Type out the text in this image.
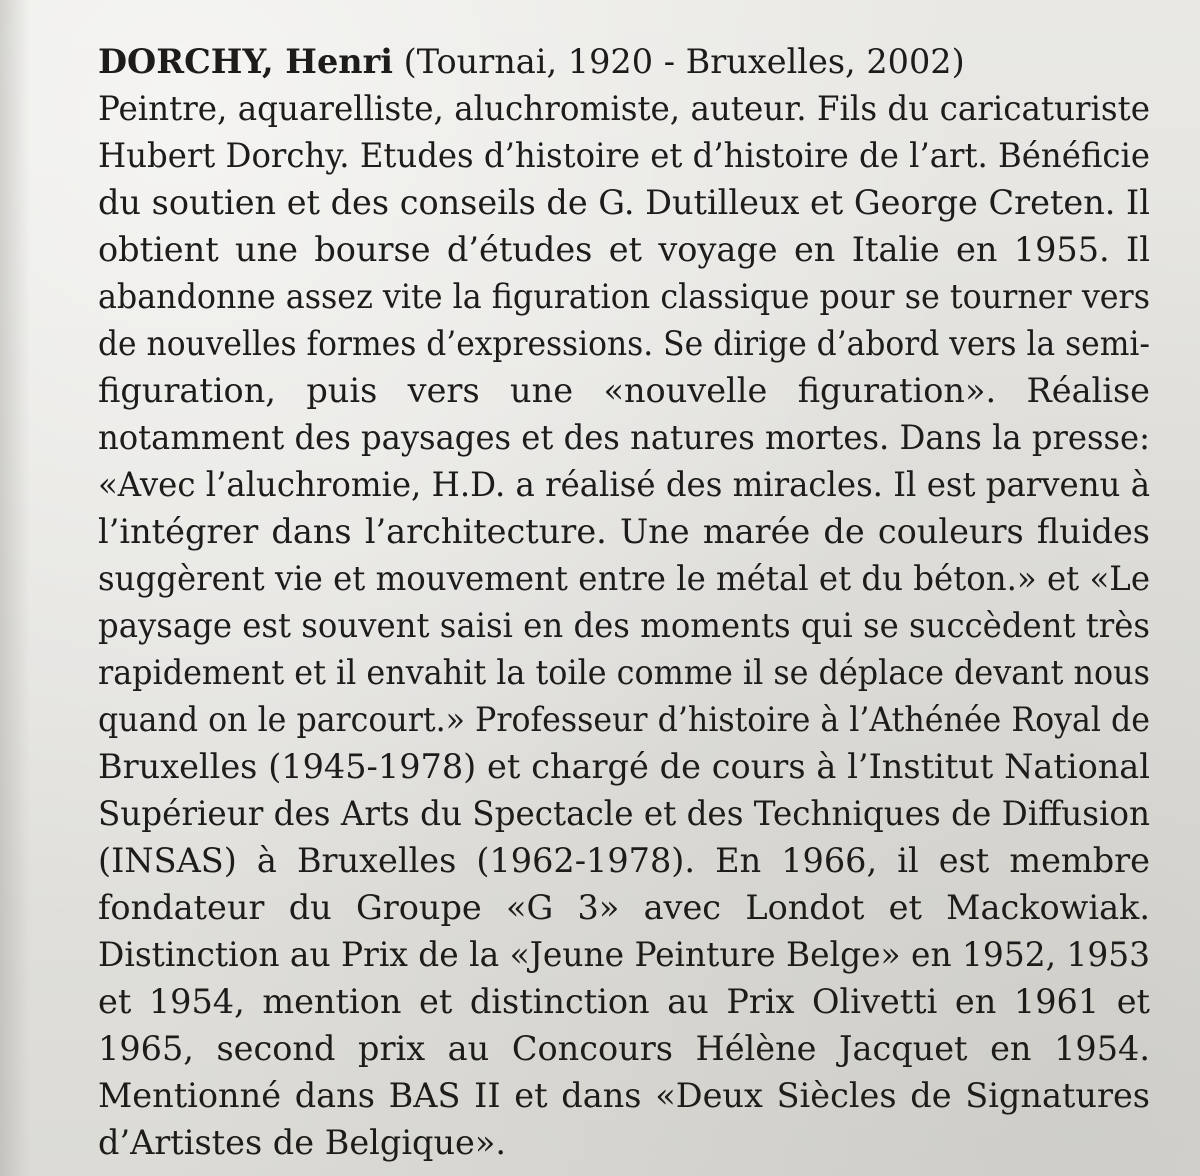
DORCHY, Henri (Tournai, 1920 - Bruxelles, 2002)
Peintre, aquarelliste, aluchromiste, auteur. Fils du caricaturiste
Hubert Dorchy. Etudes d’histoire et d’histoire de l’art. Bénéficie
du soutien et des conseils de G. Dutilleux et George Creten. Il
obtient une bourse d’études et voyage en Italie en 1955. Il
abandonne assez vite la figuration classique pour se tourner vers
de nouvelles formes d’expressions. Se dirige d’abord vers la semi-
figuration, puis vers une «nouvelle figuration». Réalise
notamment des paysages et des natures mortes. Dans la presse:
«Avec l’aluchromie, H.D. a réalisé des miracles. Il est parvenu à
l’intégrer dans l’architecture. Une marée de couleurs fluides
suggèrent vie et mouvement entre le métal et du béton.» et «Le
paysage est souvent saisi en des moments qui se succèdent très
rapidement et il envahit la toile comme il se déplace devant nous
quand on le parcourt.» Professeur d’histoire à l’Athénée Royal de
Bruxelles (1945-1978) et chargé de cours à l’Institut National
Supérieur des Arts du Spectacle et des Techniques de Diffusion
(INSAS) à Bruxelles (1962-1978). En 1966, il est membre
fondateur du Groupe «G 3» avec Londot et Mackowiak.
Distinction au Prix de la «Jeune Peinture Belge» en 1952, 1953
et 1954, mention et distinction au Prix Olivetti en 1961 et
1965, second prix au Concours Hélène Jacquet en 1954.
Mentionné dans BAS II et dans «Deux Siècles de Signatures
d’Artistes de Belgique».
